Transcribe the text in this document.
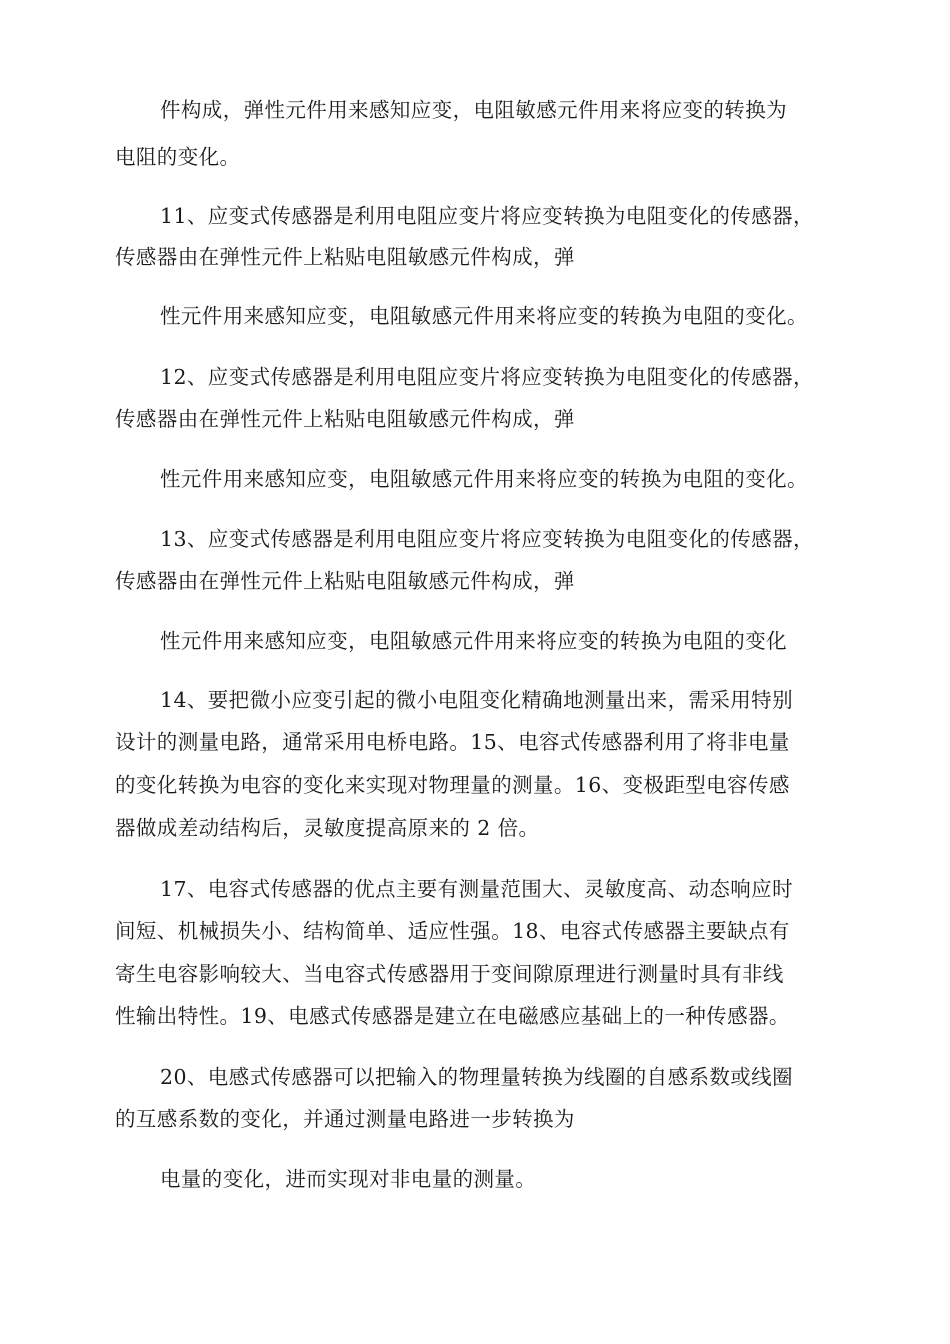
件构成，弹性元件用来感知应变，电阻敏感元件用来将应变的转换为
电阻的变化。
11、应变式传感器是利用电阻应变片将应变转换为电阻变化的传感器，
传感器由在弹性元件上粘贴电阻敏感元件构成，弹
性元件用来感知应变，电阻敏感元件用来将应变的转换为电阻的变化。
12、应变式传感器是利用电阻应变片将应变转换为电阻变化的传感器，
传感器由在弹性元件上粘贴电阻敏感元件构成，弹
性元件用来感知应变，电阻敏感元件用来将应变的转换为电阻的变化。
13、应变式传感器是利用电阻应变片将应变转换为电阻变化的传感器，
传感器由在弹性元件上粘贴电阻敏感元件构成，弹
性元件用来感知应变，电阻敏感元件用来将应变的转换为电阻的变化
14、要把微小应变引起的微小电阻变化精确地测量出来，需采用特别
设计的测量电路，通常采用电桥电路。15、电容式传感器利用了将非电量
的变化转换为电容的变化来实现对物理量的测量。16、变极距型电容传感
器做成差动结构后，灵敏度提高原来的 2 倍。
17、电容式传感器的优点主要有测量范围大、灵敏度高、动态响应时
间短、机械损失小、结构简单、适应性强。18、电容式传感器主要缺点有
寄生电容影响较大、当电容式传感器用于变间隙原理进行测量时具有非线
性输出特性。19、电感式传感器是建立在电磁感应基础上的一种传感器。
20、电感式传感器可以把输入的物理量转换为线圈的自感系数或线圈
的互感系数的变化，并通过测量电路进一步转换为
电量的变化，进而实现对非电量的测量。
